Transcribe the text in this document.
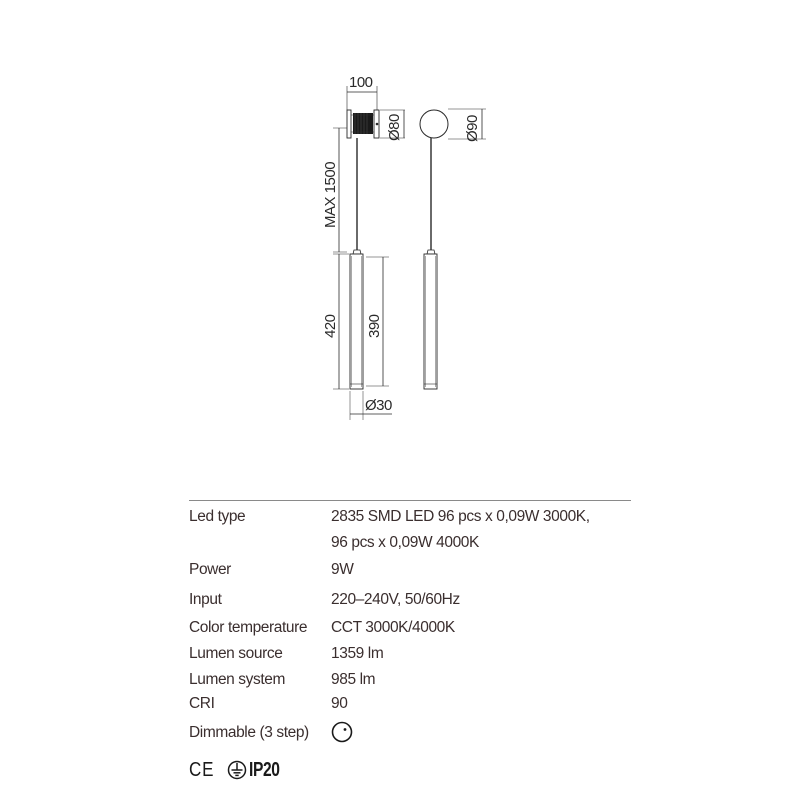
100
Ø80	Ø90
MAX 1500
420 390
Ø30
Led type	2835 SMD LED 96 pcs x 0,09W 3000K,
96 pcs x 0,09W 4000K
Power	9W
Input	220–240V, 50/60Hz
Color temperature CCT 3000K/4000K
Lumen source	1359 lm
Lumen system	985 lm
CRI	90
Dimmable (3 step)
CE IP20
